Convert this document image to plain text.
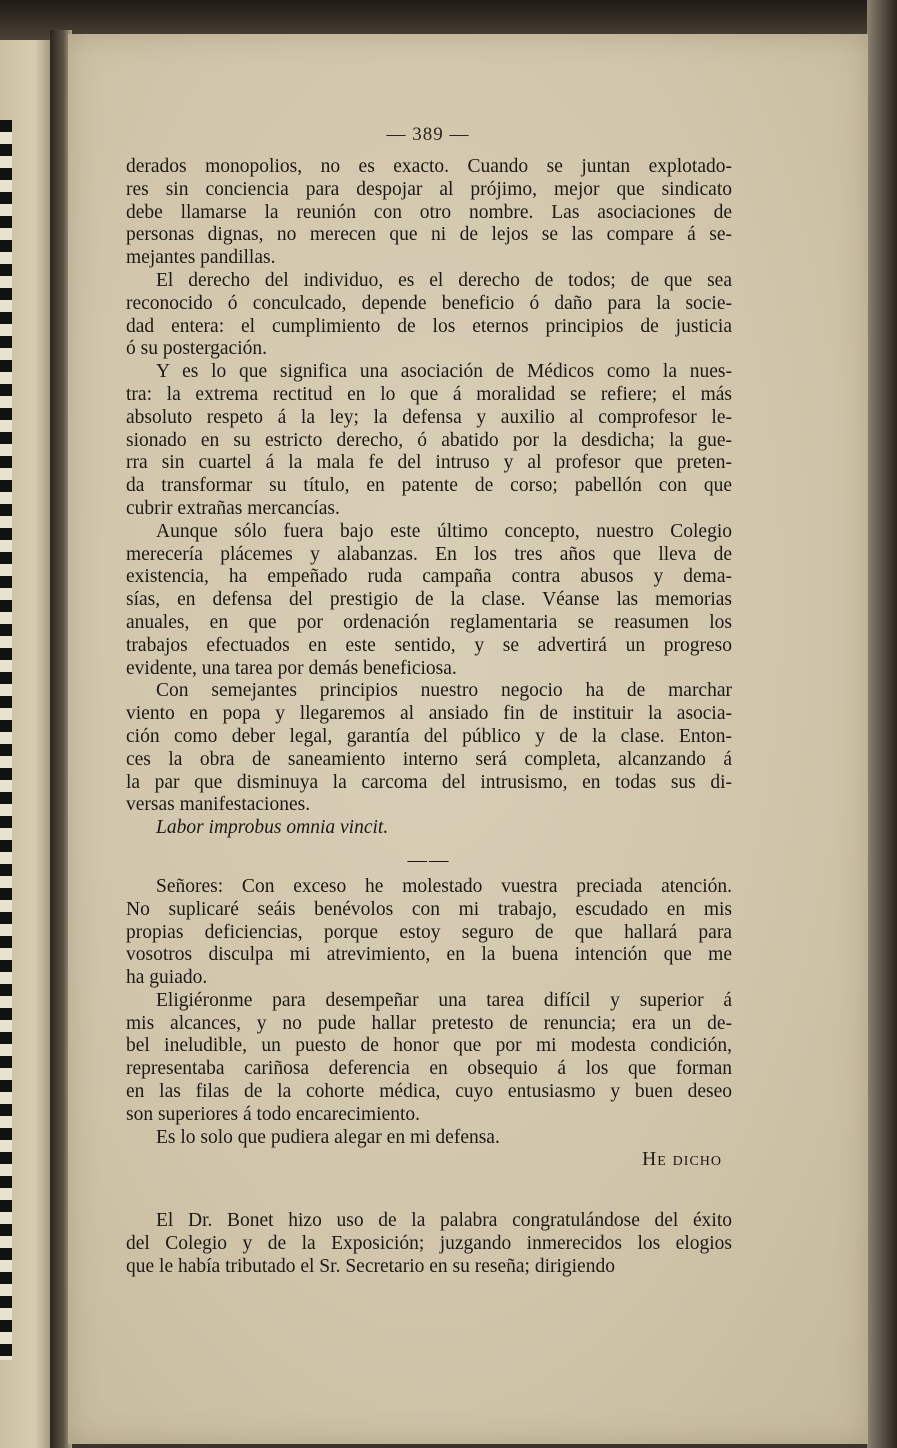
— 389 —
derados monopolios, no es exacto. Cuando se juntan explotado-
res sin conciencia para despojar al prójimo, mejor que sindicato
debe llamarse la reunión con otro nombre. Las asociaciones de
personas dignas, no merecen que ni de lejos se las compare á se-
mejantes pandillas.
El derecho del individuo, es el derecho de todos; de que sea
reconocido ó conculcado, depende beneficio ó daño para la socie-
dad entera: el cumplimiento de los eternos principios de justicia
ó su postergación.
Y es lo que significa una asociación de Médicos como la nues-
tra: la extrema rectitud en lo que á moralidad se refiere; el más
absoluto respeto á la ley; la defensa y auxilio al comprofesor le-
sionado en su estricto derecho, ó abatido por la desdicha; la gue-
rra sin cuartel á la mala fe del intruso y al profesor que preten-
da transformar su título, en patente de corso; pabellón con que
cubrir extrañas mercancías.
Aunque sólo fuera bajo este último concepto, nuestro Colegio
merecería plácemes y alabanzas. En los tres años que lleva de
existencia, ha empeñado ruda campaña contra abusos y dema-
sías, en defensa del prestigio de la clase. Véanse las memorias
anuales, en que por ordenación reglamentaria se reasumen los
trabajos efectuados en este sentido, y se advertirá un progreso
evidente, una tarea por demás beneficiosa.
Con semejantes principios nuestro negocio ha de marchar
viento en popa y llegaremos al ansiado fin de instituir la asocia-
ción como deber legal, garantía del público y de la clase. Enton-
ces la obra de saneamiento interno será completa, alcanzando á
la par que disminuya la carcoma del intrusismo, en todas sus di-
versas manifestaciones.
Labor improbus omnia vincit.
——
Señores: Con exceso he molestado vuestra preciada atención.
No suplicaré seáis benévolos con mi trabajo, escudado en mis
propias deficiencias, porque estoy seguro de que hallará para
vosotros disculpa mi atrevimiento, en la buena intención que me
ha guiado.
Eligiéronme para desempeñar una tarea difícil y superior á
mis alcances, y no pude hallar pretesto de renuncia; era un de-
bel ineludible, un puesto de honor que por mi modesta condición,
representaba cariñosa deferencia en obsequio á los que forman
en las filas de la cohorte médica, cuyo entusiasmo y buen deseo
son superiores á todo encarecimiento.
Es lo solo que pudiera alegar en mi defensa.
He dicho
El Dr. Bonet hizo uso de la palabra congratulándose del éxito
del Colegio y de la Exposición; juzgando inmerecidos los elogios
que le había tributado el Sr. Secretario en su reseña; dirigiendo
